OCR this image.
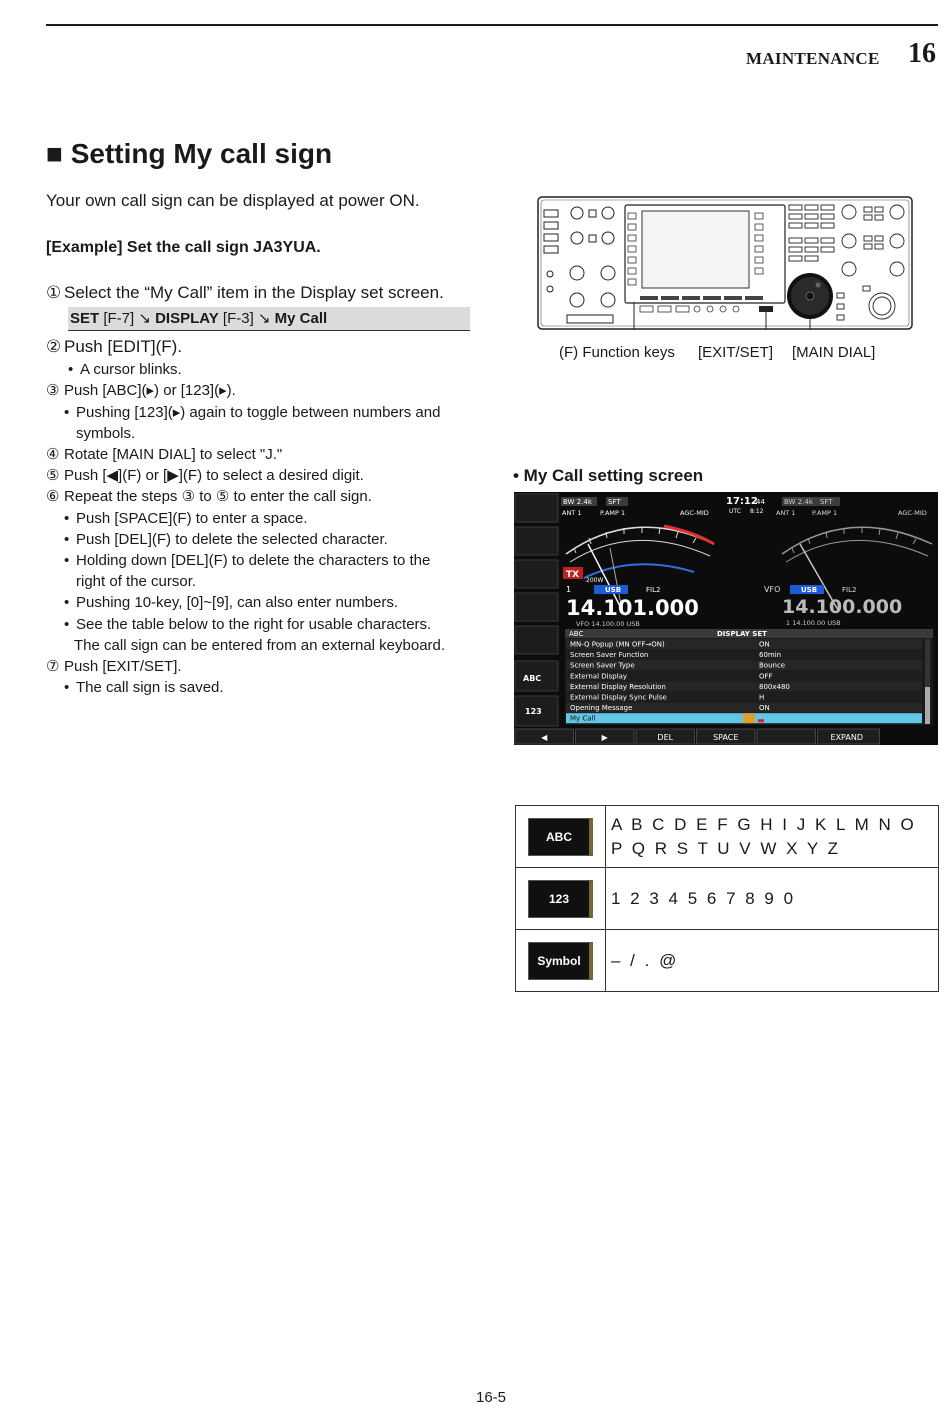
MAINTENANCE 16
■ Setting My call sign
Your own call sign can be displayed at power ON.
[Example] Set the call sign JA3YUA.
① Select the “My Call” item in the Display set screen.
SET [F-7] ↘ DISPLAY [F-3] ↘ My Call
② Push [EDIT](F).
• A cursor blinks.
③ Push [ABC](▸) or [123](▸).
• Pushing [123](▸) again to toggle between numbers and
symbols.
④ Rotate [MAIN DIAL] to select "J."
⑤ Push [◀](F) or [▶](F) to select a desired digit.
⑥ Repeat the steps ③ to ⑤ to enter the call sign.
• Push [SPACE](F) to enter a space.
• Push [DEL](F) to delete the selected character.
• Holding down [DEL](F) to delete the characters to the
right of the cursor.
• Pushing 10-key, [0]~[9], can also enter numbers.
• See the table below to the right for usable characters.
The call sign can be entered from an external keyboard.
⑦ Push [EXIT/SET].
• The call sign is saved.
(F) Function keys [EXIT/SET] [MAIN DIAL]
• My Call setting screen
ABC
123
BW 2.4k SFT
ANT 1	P.AMP 1	AGC-MID
17:12
44
UTC 8:12
TX
200W
BW 2.4k SFT
ANT 1	P.AMP 1	AGC-MID
1	USB	FIL2
14.101.000
VFO 14.100.00 USB
VFO	USB	FIL2
14.100.000
1 14.100.00 USB
ABC	DISPLAY SET
MN-Q Popup (MN OFF→ON)	ON
Screen Saver Function	60min
Screen Saver Type	Bounce
External Display	OFF
External Display Resolution	800x480
External Display Sync Pulse	H
Opening Message	ON
My Call
◀	▶	DEL	SPACE	EXPAND
ABC	A B C D E F G H I J K L M N O P Q R S T U V W X Y Z
123	1 2 3 4 5 6 7 8 9 0
Symbol	– / . @
16-5
